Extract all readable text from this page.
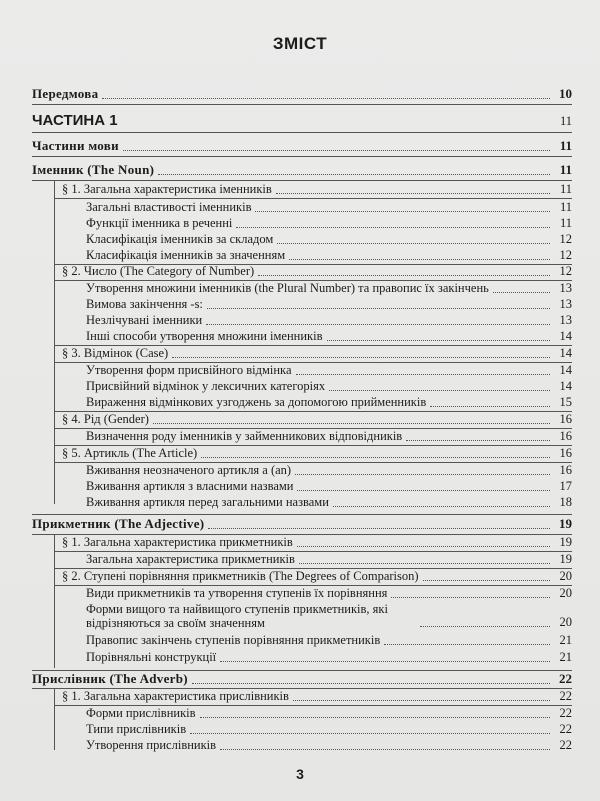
ЗМІСТ
Передмова	10
ЧАСТИНА 1	11
Частини мови	11
Іменник (The Noun)	11
§ 1. Загальна характеристика іменників	11
Загальні властивості іменників	11
Функції іменника в реченні	11
Класифікація іменників за складом	12
Класифікація іменників за значенням	12
§ 2. Число (The Category of Number)	12
Утворення множини іменників (the Plural Number) та правопис їх закінчень	13
Вимова закінчення -s:	13
Незлічувані іменники	13
Інші способи утворення множини іменників	14
§ 3. Відмінок (Case)	14
Утворення форм присвійного відмінка	14
Присвійний відмінок у лексичних категоріях	14
Вираження відмінкових узгоджень за допомогою прийменників	15
§ 4. Рід (Gender)	16
Визначення роду іменників у займенникових відповідників	16
§ 5. Артикль (The Article)	16
Вживання неозначеного артикля a (an)	16
Вживання артикля з власними назвами	17
Вживання артикля перед загальними назвами	18
Прикметник (The Adjective)	19
§ 1. Загальна характеристика прикметників	19
Загальна характеристика прикметників	19
§ 2. Ступені порівняння прикметників (The Degrees of Comparison)	20
Види прикметників та утворення ступенів їх порівняння	20
Форми вищого та найвищого ступенів прикметників, які відрізняються за своїм значенням	20
Правопис закінчень ступенів порівняння прикметників	21
Порівняльні конструкції	21
Прислівник (The Adverb)	22
§ 1. Загальна характеристика прислівників	22
Форми прислівників	22
Типи прислівників	22
Утворення прислівників	22
3
